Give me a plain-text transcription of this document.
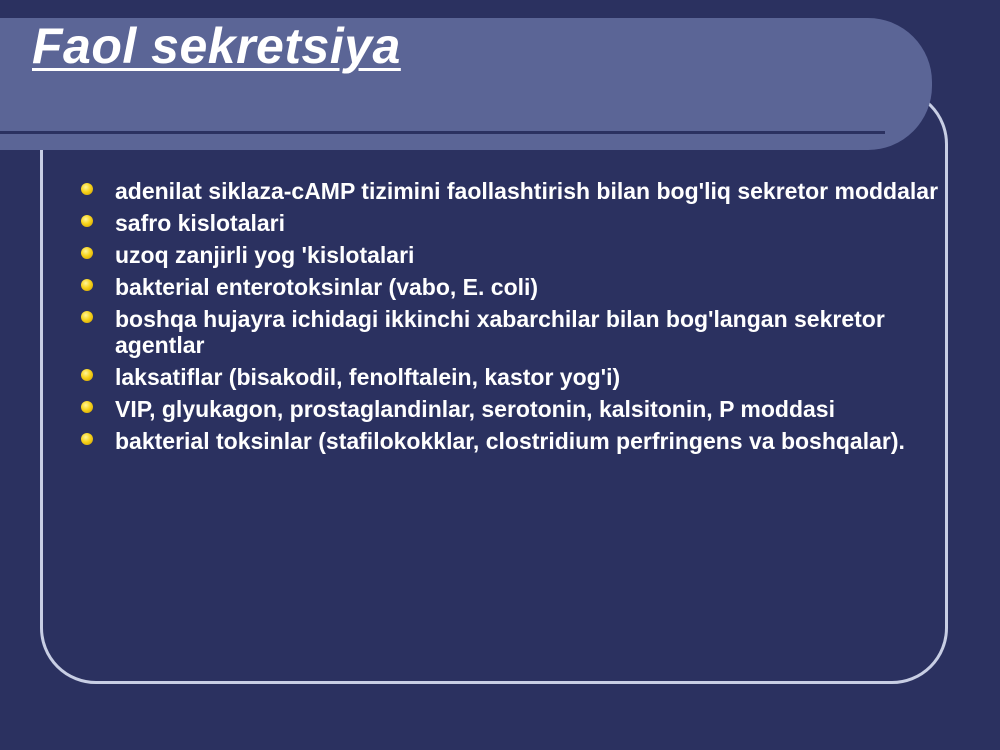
Faol sekretsiya
adenilat siklaza-cAMP tizimini faollashtirish bilan bog'liq sekretor moddalar
safro kislotalari
uzoq zanjirli yog 'kislotalari
bakterial enterotoksinlar (vabo, E. coli)
boshqa hujayra ichidagi ikkinchi xabarchilar bilan bog'langan sekretor agentlar
laksatiflar (bisakodil, fenolftalein, kastor yog'i)
VIP, glyukagon, prostaglandinlar, serotonin, kalsitonin, P moddasi
bakterial toksinlar (stafilokokklar, clostridium perfringens va boshqalar).
